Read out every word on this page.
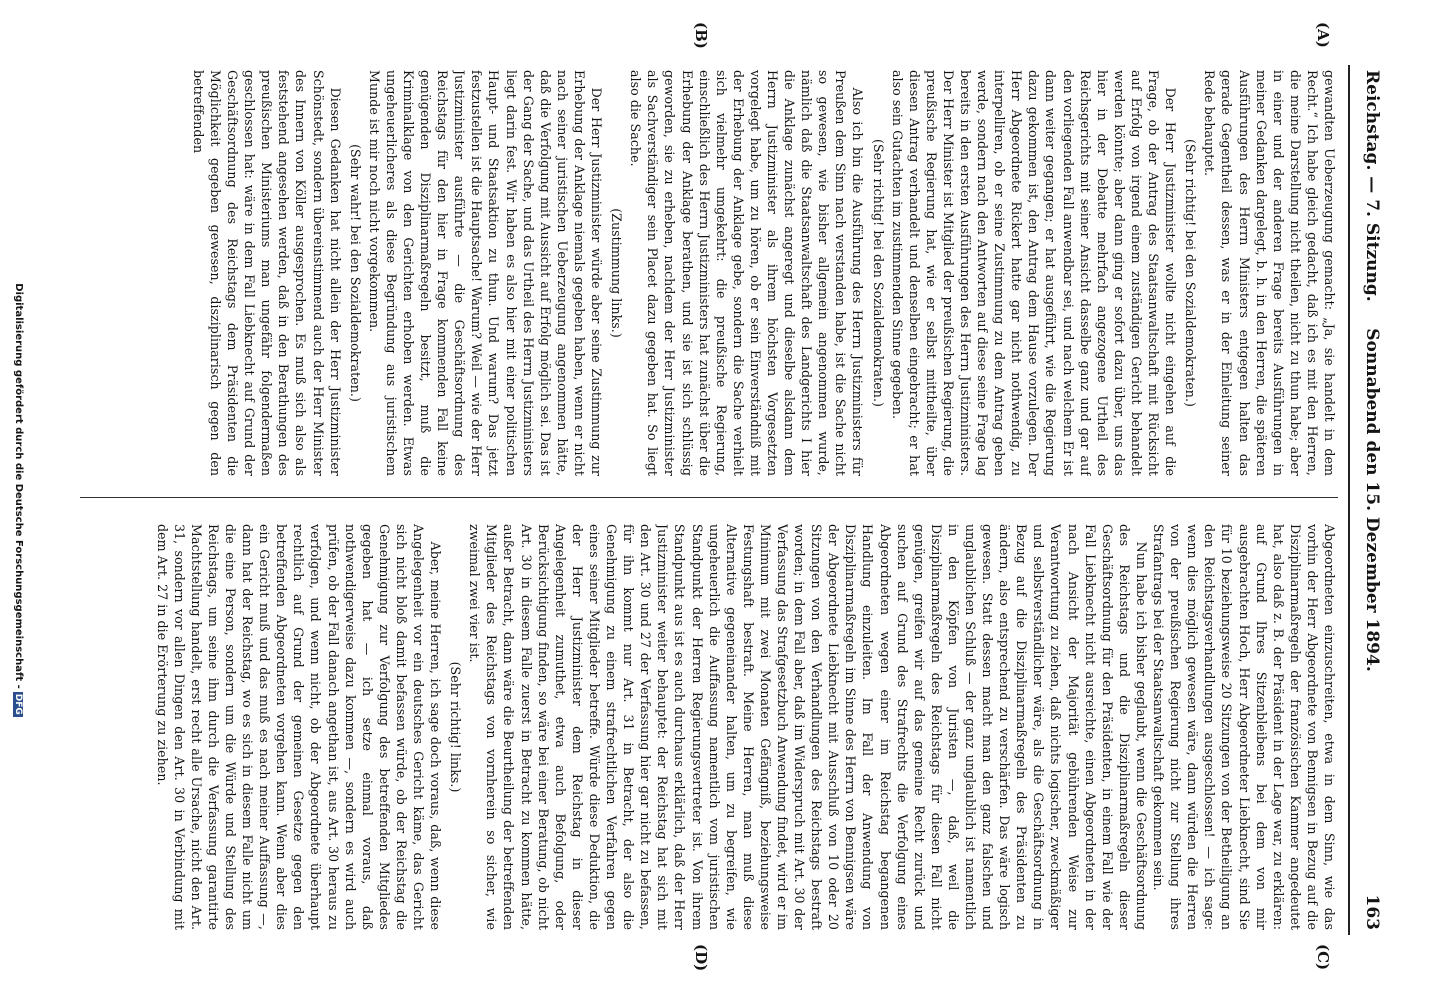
Reichstag. — 7. Sitzung.
Sonnabend den 15. Dezember 1894.
163
(A)
(B)
(C)
(D)

gewandten Ueberzeugung gemacht: „Ja, sie handelt in dem Recht.“ Ich habe gleich gedacht, daß ich es mit den Herren, die meine Darstellung nicht theilen, nicht zu thun habe; aber in einer und der anderen Frage bereits Ausführungen in meiner Gedanken dargelegt, b. h. in den Herren, die späteren Ausführungen des Herrn Ministers entgegen halten das gerade Gegentheil dessen, was er in der Einleitung seiner Rede behauptet.

(Sehr richtig! bei den Sozialdemokraten.)

Der Herr Justizminister wollte nicht eingehen auf die Frage, ob der Antrag des Staatsanwaltschaft mit Rücksicht auf Erfolg von irgend einem zuständigen Gericht behandelt werden könnte; aber dann ging er sofort dazu über, uns das hier in der Debatte mehrfach angezogene Urtheil des Reichsgerichts mit seiner Ansicht dasselbe ganz und gar auf den vorliegenden Fall anwendbar sei, und nach welchem Er ist dann weiter gegangen; er hat ausgeführt, wie die Regierung dazu gekommen ist, den Antrag dem Hause vorzulegen. Der Herr Abgeordnete Rickert hatte gar nicht nothwendig, zu interpelliren, ob er seine Zustimmung zu dem Antrag geben werde, sondern nach den Antworten auf diese seine Frage lag bereits in den ersten Ausführungen des Herrn Justizministers. Der Herr Minister ist Mitglied der preußischen Regierung, die preußische Regierung hat, wie er selbst mittheilte, über diesen Antrag verhandelt und denselben eingebracht; er hat also sein Gutachten im zustimmenden Sinne gegeben.

(Sehr richtig! bei den Sozialdemokraten.)

Also ich bin die Ausführung des Herrn Justizministers für Preußen dem Sinn nach verstanden habe, ist die Sache nicht so gewesen, wie bisher allgemein angenommen wurde, nämlich daß die Staatsanwaltschaft des Landgerichts I hier die Anklage zunächst angeregt und dieselbe alsdann dem Herrn Justizminister als ihrem höchsten Vorgesetzten vorgelegt habe, um zu hören, ob er sein Einverständniß mit der Erhebung der Anklage gebe, sondern die Sache verhielt sich vielmehr umgekehrt: die preußische Regierung, einschließlich des Herrn Justizministers hat zunächst über die Erhebung der Anklage berathen, und sie ist sich schlüssig geworden, sie zu erheben, nachdem der Herr Justizminister als Sachverständiger sein Placet dazu gegeben hat. So liegt also die Sache.

(Zustimmung links.)

Der Herr Justizminister würde aber seine Zustimmung zur Erhebung der Anklage niemals gegeben haben, wenn er nicht nach seiner juristischen Ueberzeugung angenommen hätte, daß die Verfolgung mit Aussicht auf Erfolg möglich sei. Das ist der Gang der Sache, und das Urtheil des Herrn Justizministers liegt darin fest. Wir haben es also hier mit einer politischen Haupt- und Staatsaktion zu thun. Und warum? Das jetzt festzustellen ist die Hauptsache! Warum? Weil — wie der Herr Justizminister ausführte — die Geschäftsordnung des Reichstags für den hier in Frage kommenden Fall keine genügenden Disziplinarmaßregeln besitzt, muß die Kriminalklage von den Gerichten erhoben werden. Etwas ungeheuerlicheres als diese Begründung aus juristischem Munde ist mir noch nicht vorgekommen.

(Sehr wahr! bei den Sozialdemokraten.)

Diesen Gedanken hat nicht allein der Herr Justizminister Schönstedt, sondern übereinstimmend auch der Herr Minister des Innern von Köller ausgesprochen. Es muß sich also als feststehend angesehen werden, daß in den Berathungen des preußischen Ministeriums man ungefähr folgendermaßen geschlossen hat: wäre in dem Fall Liebknecht auf Grund der Geschäftsordnung des Reichstags dem Präsidenten die Möglichkeit gegeben gewesen, disziplinarisch gegen den betreffenden

Abgeordneten einzuschreiten, etwa in dem Sinn, wie das vorhin der Herr Abgeordnete von Bennigsen in Bezug auf die Disziplinarmaßregeln der französischen Kammer angedeutet hat, also daß z. B. der Präsident in der Lage war, zu erklären: auf Grund Ihres Sitzenbleibens bei dem von mir ausgebrachten Hoch, Herr Abgeordneter Liebknecht, sind Sie für 10 beziehungsweise 20 Sitzungen von der Betheiligung an den Reichstagsverhandlungen ausgeschlossen! — ich sage: wenn dies möglich gewesen wäre, dann würden die Herren von der preußischen Regierung nicht zur Stellung ihres Strafantrags bei der Staatsanwaltschaft gekommen sein.

Nun habe ich bisher geglaubt, wenn die Geschäftsordnung des Reichstags und die Disziplinarmaßregeln dieser Geschäftsordnung für den Präsidenten, in einem Fall wie der Fall Liebknecht nicht ausreichte, einen Abgeordneten in der nach Ansicht der Majorität gebührenden Weise zur Verantwortung zu ziehen, daß nichts logischer, zweckmäßiger und selbstverständlicher wäre, als die Geschäftsordnung in Bezug auf die Disziplinarmaßregeln des Präsidenten zu ändern, also entsprechend zu verschärfen. Das wäre logisch gewesen. Statt dessen macht man den ganz falschen und unglaublichen Schluß — der ganz unglaublich ist namentlich in den Köpfen von Juristen —, daß, weil die Disziplinarmaßregeln des Reichstags für diesen Fall nicht genügen, greifen wir auf das gemeine Recht zurück und suchen auf Grund des Strafrechts die Verfolgung eines Abgeordneten wegen einer im Reichstag begangenen Handlung einzuleiten. Im Fall der Anwendung von Disziplinarmaßregeln im Sinne des Herrn von Bennigsen wäre der Abgeordnete Liebknecht mit Ausschluß von 10 oder 20 Sitzungen von den Verhandlungen des Reichstags bestraft worden; in dem Fall aber, daß im Widerspruch mit Art. 30 der Verfassung das Strafgesetzbuch Anwendung findet, wird er im Minimum mit zwei Monaten Gefängniß, beziehungsweise Festungshaft bestraft. Meine Herren, man muß diese Alternative gegeneinander halten, um zu begreifen, wie ungeheuerlich die Auffassung namentlich vom juristischen Standpunkt der Herren Regierungsvertreter ist. Von ihrem Standpunkt aus ist es auch durchaus erklärlich, daß der Herr Justizminister weiter behauptet: der Reichstag hat sich mit den Art. 30 und 27 der Verfassung hier gar nicht zu befassen, für ihn kommt nur Art. 31 in Betracht, der also die Genehmigung zu einem strafrechtlichen Verfahren gegen eines seiner Mitglieder betreffe. Würde diese Deduktion, die der Herr Justizminister dem Reichstag in dieser Angelegenheit zumuthet, etwa auch Befolgung, oder Berücksichtigung finden, so wäre bei einer Beratung, ob nicht Art. 30 in diesem Falle zuerst in Betracht zu kommen hätte, außer Betracht, dann wäre die Beurtheilung der betreffenden Mitglieder des Reichstags von vornherein so sicher, wie zweimal zwei vier ist.

(Sehr richtig! links.)

Aber, meine Herren, ich sage doch voraus, daß, wenn diese Angelegenheit vor ein deutsches Gericht käme, das Gericht sich nicht bloß damit befassen würde, ob der Reichstag die Genehmigung zur Verfolgung des betreffenden Mitgliedes gegeben hat — ich setze einmal voraus, daß nothwendigerweise dazu kommen —, sondern es wird auch prüfen, ob der Fall danach angethan ist, aus Art. 30 heraus zu verfolgen, und wenn nicht, ob der Abgeordnete überhaupt rechtlich auf Grund der gemeinen Gesetze gegen den betreffenden Abgeordneten vorgehen kann. Wenn aber dies ein Gericht muß und das muß es nach meiner Auffassung —, dann hat der Reichstag, wo es sich in diesem Falle nicht um die eine Person, sondern um die Würde und Stellung des Reichstags, um seine ihm durch die Verfassung garantirte Machtstellung handelt, erst recht alle Ursache, nicht den Art. 31, sondern vor allen Dingen den Art. 30 in Verbindung mit dem Art. 27 in die Erörterung zu ziehen.

Digitalisierung gefördert durch die Deutsche Forschungsgemeinschaft -DFG
